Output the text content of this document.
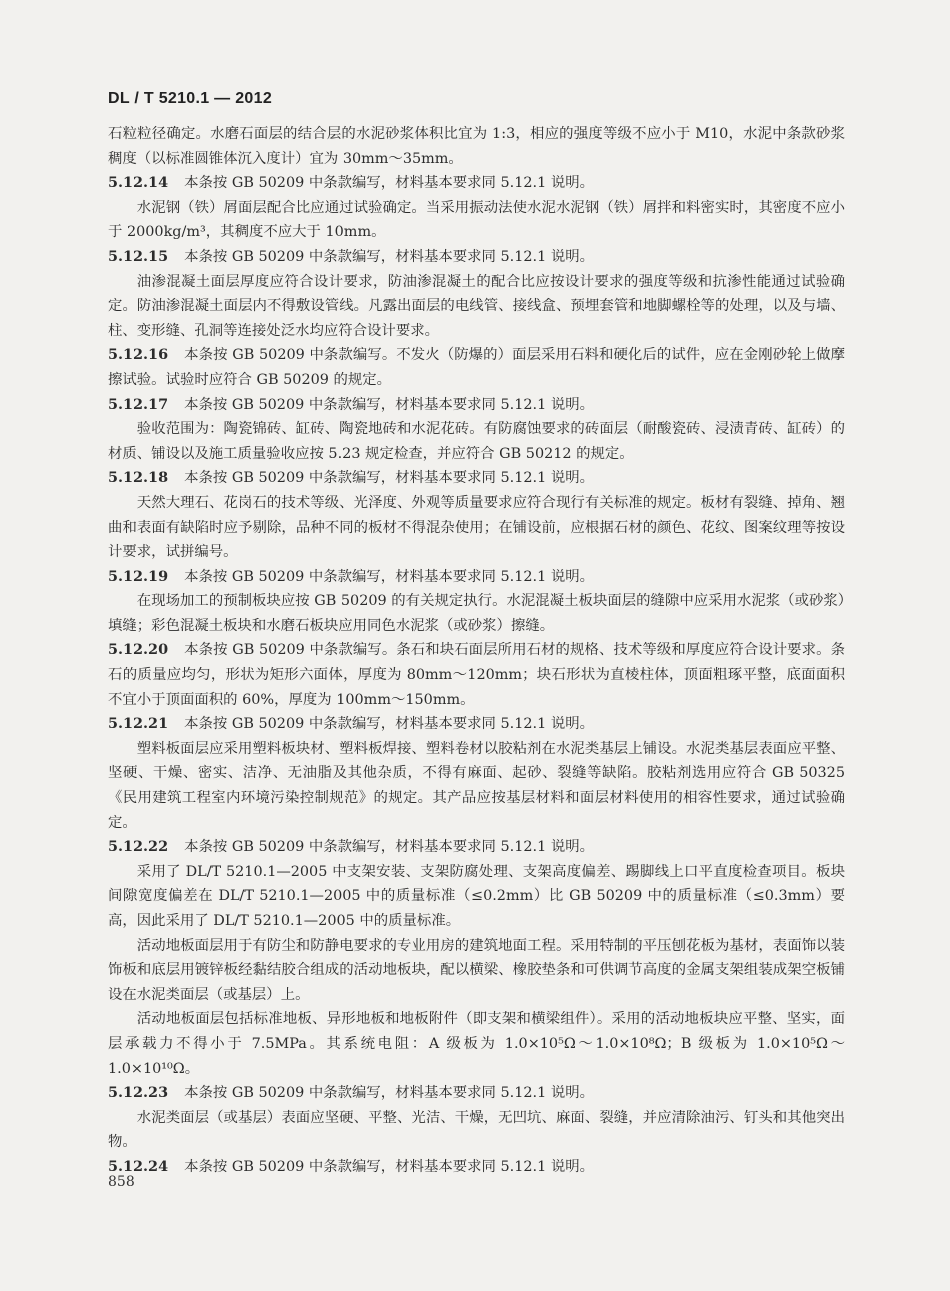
DL / T 5210.1 — 2012

石粒粒径确定。水磨石面层的结合层的水泥砂浆体积比宜为 1:3，相应的强度等级不应小于 M10，水泥中条款砂浆稠度（以标准圆锥体沉入度计）宜为 30mm～35mm。

5.12.14 本条按 GB 50209 中条款编写，材料基本要求同 5.12.1 说明。

水泥钢（铁）屑面层配合比应通过试验确定。当采用振动法使水泥水泥钢（铁）屑拌和料密实时，其密度不应小于 2000kg/m³，其稠度不应大于 10mm。

5.12.15 本条按 GB 50209 中条款编写，材料基本要求同 5.12.1 说明。

油渗混凝土面层厚度应符合设计要求，防油渗混凝土的配合比应按设计要求的强度等级和抗渗性能通过试验确定。防油渗混凝土面层内不得敷设管线。凡露出面层的电线管、接线盒、预埋套管和地脚螺栓等的处理，以及与墙、柱、变形缝、孔洞等连接处泛水均应符合设计要求。

5.12.16 本条按 GB 50209 中条款编写。不发火（防爆的）面层采用石料和硬化后的试件，应在金刚砂轮上做摩擦试验。试验时应符合 GB 50209 的规定。

5.12.17 本条按 GB 50209 中条款编写，材料基本要求同 5.12.1 说明。

验收范围为：陶瓷锦砖、缸砖、陶瓷地砖和水泥花砖。有防腐蚀要求的砖面层（耐酸瓷砖、浸渍青砖、缸砖）的材质、铺设以及施工质量验收应按 5.23 规定检查，并应符合 GB 50212 的规定。

5.12.18 本条按 GB 50209 中条款编写，材料基本要求同 5.12.1 说明。

天然大理石、花岗石的技术等级、光泽度、外观等质量要求应符合现行有关标准的规定。板材有裂缝、掉角、翘曲和表面有缺陷时应予剔除，品种不同的板材不得混杂使用；在铺设前，应根据石材的颜色、花纹、图案纹理等按设计要求，试拼编号。

5.12.19 本条按 GB 50209 中条款编写，材料基本要求同 5.12.1 说明。

在现场加工的预制板块应按 GB 50209 的有关规定执行。水泥混凝土板块面层的缝隙中应采用水泥浆（或砂浆）填缝；彩色混凝土板块和水磨石板块应用同色水泥浆（或砂浆）擦缝。

5.12.20 本条按 GB 50209 中条款编写。条石和块石面层所用石材的规格、技术等级和厚度应符合设计要求。条石的质量应均匀，形状为矩形六面体，厚度为 80mm～120mm；块石形状为直棱柱体，顶面粗琢平整，底面面积不宜小于顶面面积的 60%，厚度为 100mm～150mm。

5.12.21 本条按 GB 50209 中条款编写，材料基本要求同 5.12.1 说明。

塑料板面层应采用塑料板块材、塑料板焊接、塑料卷材以胶粘剂在水泥类基层上铺设。水泥类基层表面应平整、坚硬、干燥、密实、洁净、无油脂及其他杂质，不得有麻面、起砂、裂缝等缺陷。胶粘剂选用应符合 GB 50325《民用建筑工程室内环境污染控制规范》的规定。其产品应按基层材料和面层材料使用的相容性要求，通过试验确定。

5.12.22 本条按 GB 50209 中条款编写，材料基本要求同 5.12.1 说明。

采用了 DL/T 5210.1—2005 中支架安装、支架防腐处理、支架高度偏差、踢脚线上口平直度检查项目。板块间隙宽度偏差在 DL/T 5210.1—2005 中的质量标准（≤0.2mm）比 GB 50209 中的质量标准（≤0.3mm）要高，因此采用了 DL/T 5210.1—2005 中的质量标准。

活动地板面层用于有防尘和防静电要求的专业用房的建筑地面工程。采用特制的平压刨花板为基材，表面饰以装饰板和底层用镀锌板经黏结胶合组成的活动地板块，配以横梁、橡胶垫条和可供调节高度的金属支架组装成架空板铺设在水泥类面层（或基层）上。

活动地板面层包括标准地板、异形地板和地板附件（即支架和横梁组件）。采用的活动地板块应平整、坚实，面层承载力不得小于 7.5MPa。其系统电阻：A 级板为 1.0×10⁵Ω～1.0×10⁸Ω；B 级板为 1.0×10⁵Ω～1.0×10¹⁰Ω。

5.12.23 本条按 GB 50209 中条款编写，材料基本要求同 5.12.1 说明。

水泥类面层（或基层）表面应坚硬、平整、光洁、干燥，无凹坑、麻面、裂缝，并应清除油污、钉头和其他突出物。

5.12.24 本条按 GB 50209 中条款编写，材料基本要求同 5.12.1 说明。

858
